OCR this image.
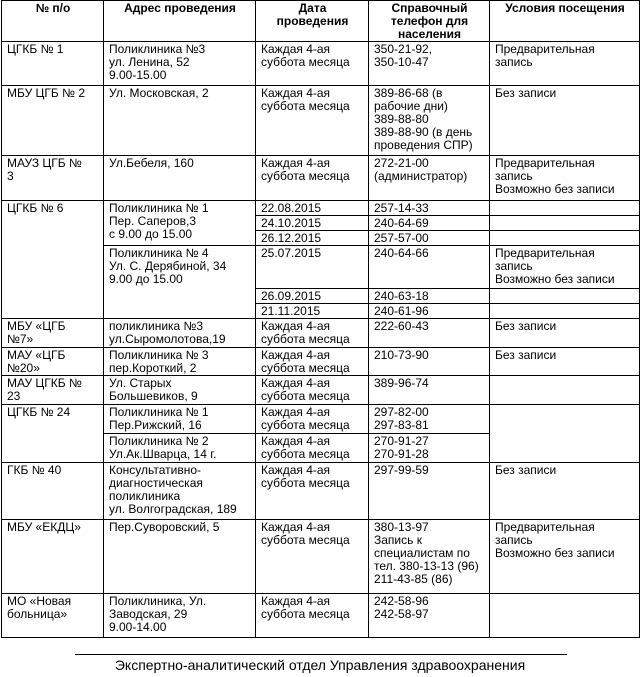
№ п/о	Адрес проведения	Дата
проведения	Справочный
телефон для
населения	Условия посещения
ЦГКБ № 1	Поликлиника №3
ул. Ленина, 52
9.00-15.00	Каждая 4-ая
суббота месяца	350-21-92,
350-10-47	Предварительная
запись

МБУ ЦГБ № 2	Ул. Московская, 2	Каждая 4-ая
суббота месяца	389-86-68 (в
рабочие дни)
389-88-80
389-88-90 (в день
проведения СПР)	Без записи

МАУЗ ЦГБ №
3	Ул.Бебеля, 160	Каждая 4-ая
суббота месяца	272-21-00
(администратор)	Предварительная
запись
Возможно без записи

ЦГКБ № 6	Поликлиника № 1
Пер. Саперов,3
с 9.00 до 15.00	22.08.2015	257-14-33	
		24.10.2015	240-64-69	
		26.12.2015	257-57-00	

	Поликлиника № 4
Ул. С. Дерябиной, 34
9.00 до 15.00	25.07.2015	240-64-66	Предварительная
запись
Возможно без записи

		26.09.2015	240-63-18	
		21.11.2015	240-61-96	

МБУ «ЦГБ
№7»	поликлиника №3
ул.Сыромолотова,19	Каждая 4-ая
суббота месяца	222-60-43	Без записи

МАУ «ЦГБ
№20»	Поликлиника № 3
пер.Короткий, 2	Каждая 4-ая
суббота месяца	210-73-90	Без записи

МАУ ЦГКБ №
23	Ул. Старых
Большевиков, 9	Каждая 4-ая
суббота месяца	389-96-74	
ЦГКБ № 24	Поликлиника № 1
Пер.Рижский, 16	Каждая 4-ая
суббота месяца	297-82-00
297-83-81	

	Поликлиника № 2
Ул.Ак.Шварца, 14 г.	Каждая 4-ая
суббота месяца	270-91-27
270-91-28	

ГКБ № 40	Консультативно-
диагностическая
поликлиника
ул. Волгоградская, 189	Каждая 4-ая
суббота месяца	297-99-59	Без записи
МБУ «ЕКДЦ»	Пер.Суворовский, 5	Каждая 4-ая
суббота месяца	380-13-97
Запись к
специалистам по
тел. 380-13-13 (96)
211-43-85 (86)	Предварительная
запись
Возможно без записи

МО «Новая
больница»	Поликлиника, Ул.
Заводская, 29
9.00-14.00	Каждая 4-ая
суббота месяца	242-58-96
242-58-97	

Экспертно-аналитический отдел Управления здравоохранения
